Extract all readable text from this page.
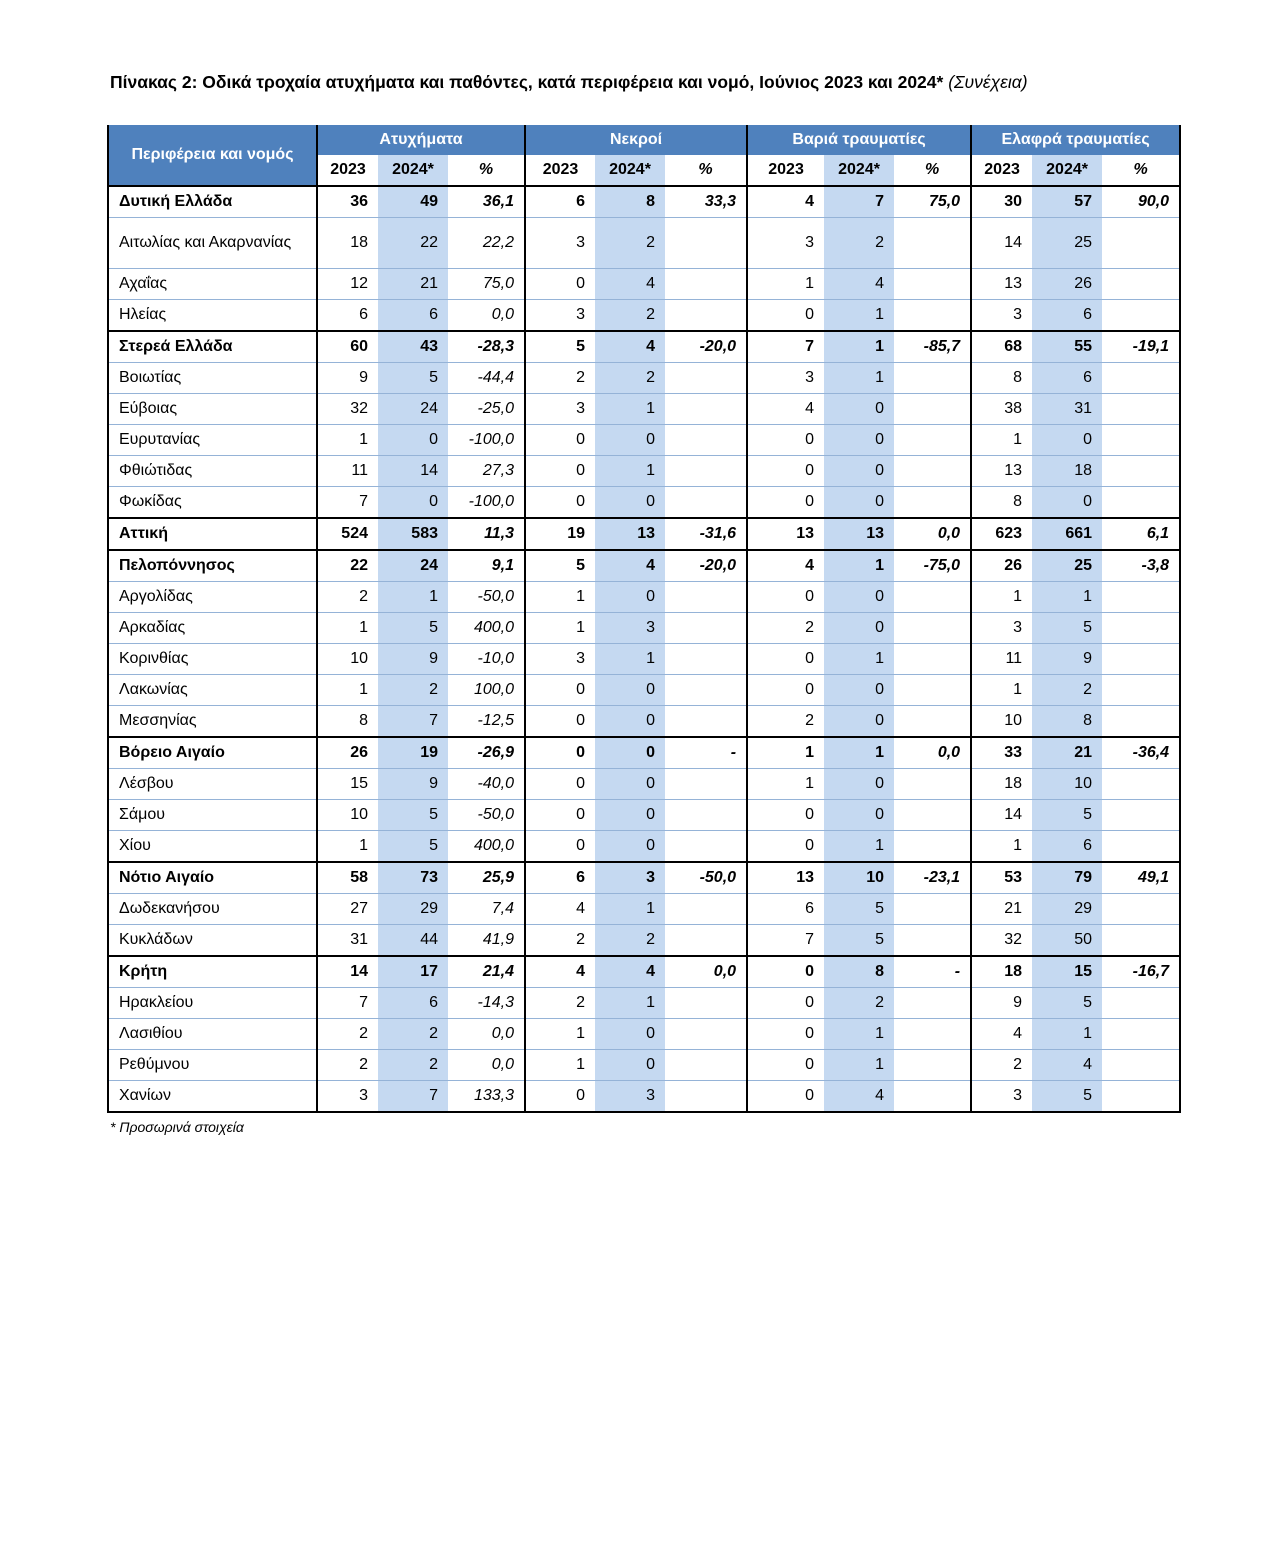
Πίνακας 2: Οδικά τροχαία ατυχήματα και παθόντες, κατά περιφέρεια και νομό, Ιούνιος 2023 και 2024* (Συνέχεια)
Περιφέρεια και νομός	Ατυχήματα			Νεκροί			Βαριά τραυματίες			Ελαφρά τραυματίες		
	2023	2024*	%	2023	2024*	%	2023	2024*	%	2023	2024*	%
Δυτική Ελλάδα	36	49	36,1	6	8	33,3	4	7	75,0	30	57	90,0
Αιτωλίας και Ακαρνανίας	18	22	22,2	3	2		3	2		14	25	
Αχαΐας	12	21	75,0	0	4		1	4		13	26	
Ηλείας	6	6	0,0	3	2		0	1		3	6	
Στερεά Ελλάδα	60	43	-28,3	5	4	-20,0	7	1	-85,7	68	55	-19,1
Βοιωτίας	9	5	-44,4	2	2		3	1		8	6	
Εύβοιας	32	24	-25,0	3	1		4	0		38	31	
Ευρυτανίας	1	0	-100,0	0	0		0	0		1	0	
Φθιώτιδας	11	14	27,3	0	1		0	0		13	18	
Φωκίδας	7	0	-100,0	0	0		0	0		8	0	
Αττική	524	583	11,3	19	13	-31,6	13	13	0,0	623	661	6,1
Πελοπόννησος	22	24	9,1	5	4	-20,0	4	1	-75,0	26	25	-3,8
Αργολίδας	2	1	-50,0	1	0		0	0		1	1	
Αρκαδίας	1	5	400,0	1	3		2	0		3	5	
Κορινθίας	10	9	-10,0	3	1		0	1		11	9	
Λακωνίας	1	2	100,0	0	0		0	0		1	2	
Μεσσηνίας	8	7	-12,5	0	0		2	0		10	8	
Βόρειο Αιγαίο	26	19	-26,9	0	0	-	1	1	0,0	33	21	-36,4
Λέσβου	15	9	-40,0	0	0		1	0		18	10	
Σάμου	10	5	-50,0	0	0		0	0		14	5	
Χίου	1	5	400,0	0	0		0	1		1	6	
Νότιο Αιγαίο	58	73	25,9	6	3	-50,0	13	10	-23,1	53	79	49,1
Δωδεκανήσου	27	29	7,4	4	1		6	5		21	29	
Κυκλάδων	31	44	41,9	2	2		7	5		32	50	
Κρήτη	14	17	21,4	4	4	0,0	0	8	-	18	15	-16,7
Ηρακλείου	7	6	-14,3	2	1		0	2		9	5	
Λασιθίου	2	2	0,0	1	0		0	1		4	1	
Ρεθύμνου	2	2	0,0	1	0		0	1		2	4	
Χανίων	3	7	133,3	0	3		0	4		3	5	
* Προσωρινά στοιχεία
